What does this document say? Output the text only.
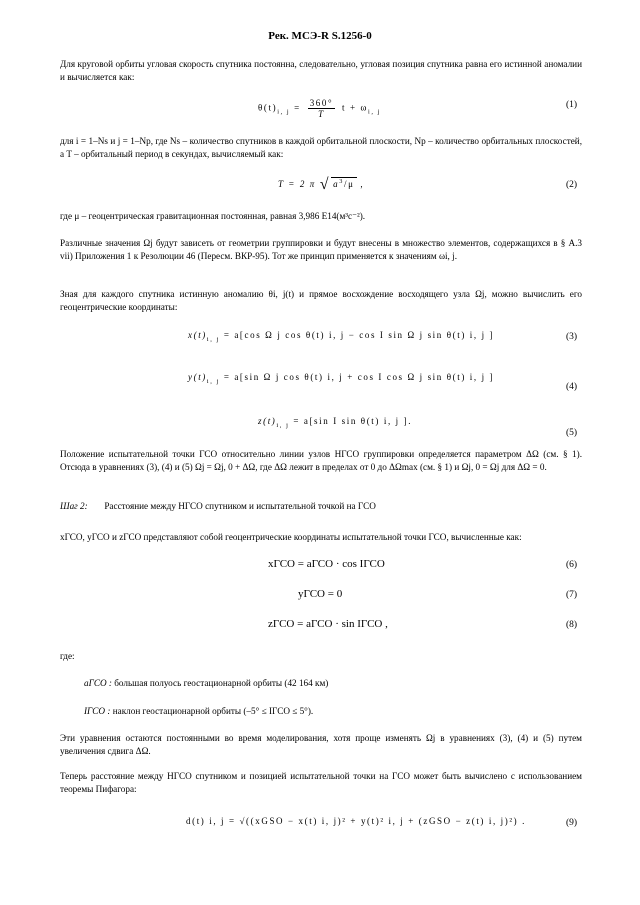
Рек. МСЭ-R S.1256-0
Для круговой орбиты угловая скорость спутника постоянна, следовательно, угловая позиция спутника равна его истинной аномалии и вычисляется как:
$\theta(t)_{i, j} = \frac{360^\circ}{T}$ $t + \omega_{i, j}$
(1)
для i = 1–Ns и j = 1–Np, где Ns – количество спутников в каждой орбитальной плоскости, Np – количество орбитальных плоскостей, а T – орбитальный период в секундах, вычисляемый как:
T = 2 π √ $a^3/\mu$ ,	(2)
где μ – геоцентрическая гравитационная постоянная, равная 3,986 E14(м³с⁻²).
Различные значения Ωj будут зависеть от геометрии группировки и будут внесены в множество элементов, содержащихся в § A.3 vii) Приложения 1 к Резолюции 46 (Пересм. ВКР-95). Тот же принцип применяется к значениям ωi, j.
Зная для каждого спутника истинную аномалию θi, j(t) и прямое восхождение восходящего узла Ωj, можно вычислить его геоцентрические координаты:
$x(t)_{i, j} = a[\cos$ Ω j cos θ(t) i, j − cos I sin Ω j sin θ(t) i, j ]	(3)
$y(t)_{i, j} = a[\sin$ Ω j cos θ(t) i, j + cos I cos Ω j sin θ(t) i, j ]
(4)
$z(t)_{i, j} = a[\sin$ I sin θ(t) i, j ].
(5)
Положение испытательной точки ГСО относительно линии узлов НГСО группировки определяется параметром ΔΩ (см. § 1). Отсюда в уравнениях (3), (4) и (5) Ωj = Ωj, 0 + ΔΩ, где ΔΩ лежит в пределах от 0 до ΔΩmax (см. § 1) и Ωj, 0 = Ωj для ΔΩ = 0.
Шаг 2: Расстояние между НГСО спутником и испытательной точкой на ГСО
xГСО, yГСО и zГСО представляют собой геоцентрические координаты испытательной точки ГСО, вычисленные как:
xГСО = aГСО · cos IГСО	(6)
yГСО = 0	(7)
zГСО = aГСО · sin IГСО ,	(8)
где:
aГСО : большая полуось геостационарной орбиты (42 164 км)
IГСО : наклон геостационарной орбиты (–5° ≤ IГСО ≤ 5°).
Эти уравнения остаются постоянными во время моделирования, хотя проще изменять Ωj в уравнениях (3), (4) и (5) путем увеличения сдвига ΔΩ.
Теперь расстояние между НГСО спутником и позицией испытательной точки на ГСО может быть вычислено с использованием теоремы Пифагора:
d(t) i, j = √((xGSO − x(t) i, j)² + y(t)² i, j + (zGSO − z(t) i, j)²) .	(9)
